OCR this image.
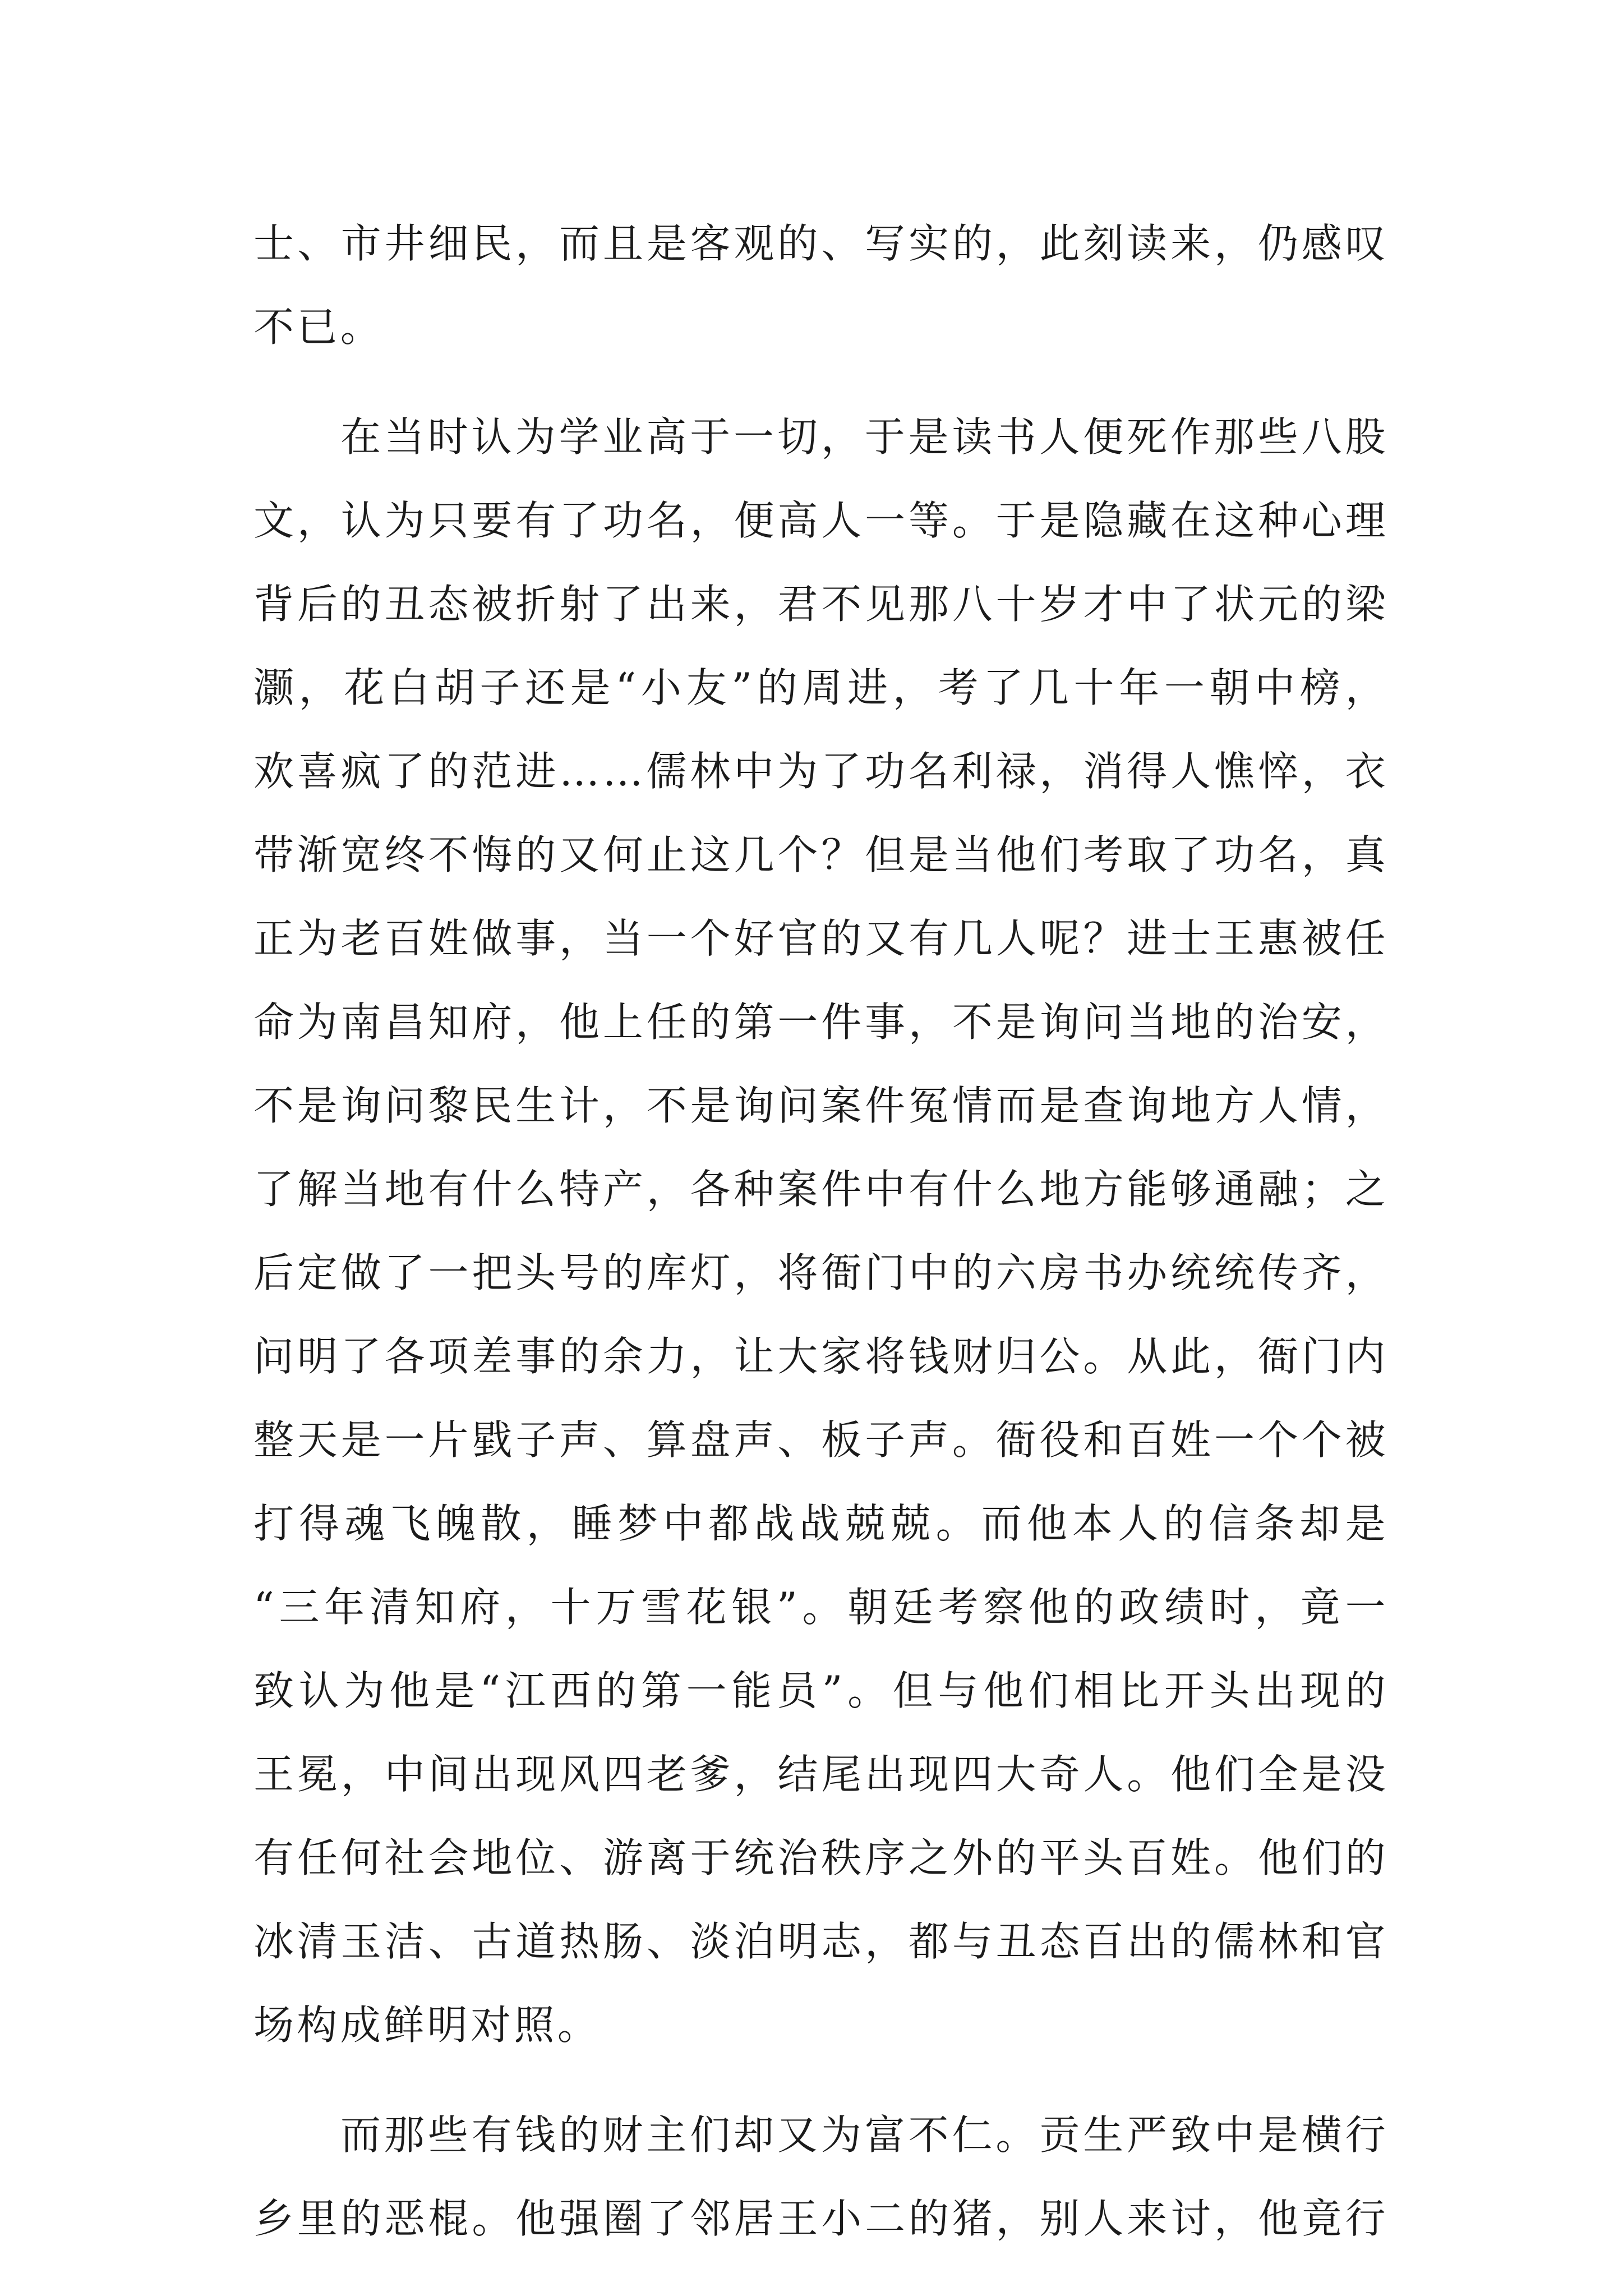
士、市井细民，而且是客观的、写实的，此刻读来，仍感叹
不已。
在当时认为学业高于一切，于是读书人便死作那些八股
文，认为只要有了功名，便高人一等。于是隐藏在这种心理
背后的丑态被折射了出来，君不见那八十岁才中了状元的梁
灏，花白胡子还是“小友”的周进，考了几十年一朝中榜，
欢喜疯了的范进……儒林中为了功名利禄，消得人憔悴，衣
带渐宽终不悔的又何止这几个？但是当他们考取了功名，真
正为老百姓做事，当一个好官的又有几人呢？进士王惠被任
命为南昌知府，他上任的第一件事，不是询问当地的治安，
不是询问黎民生计，不是询问案件冤情而是查询地方人情，
了解当地有什么特产，各种案件中有什么地方能够通融；之
后定做了一把头号的库灯，将衙门中的六房书办统统传齐，
问明了各项差事的余力，让大家将钱财归公。从此，衙门内
整天是一片戥子声、算盘声、板子声。衙役和百姓一个个被
打得魂飞魄散，睡梦中都战战兢兢。而他本人的信条却是
“三年清知府，十万雪花银”。朝廷考察他的政绩时，竟一
致认为他是“江西的第一能员”。但与他们相比开头出现的
王冕，中间出现风四老爹，结尾出现四大奇人。他们全是没
有任何社会地位、游离于统治秩序之外的平头百姓。他们的
冰清玉洁、古道热肠、淡泊明志，都与丑态百出的儒林和官
场构成鲜明对照。
而那些有钱的财主们却又为富不仁。贡生严致中是横行
乡里的恶棍。他强圈了邻居王小二的猪，别人来讨，他竟行
